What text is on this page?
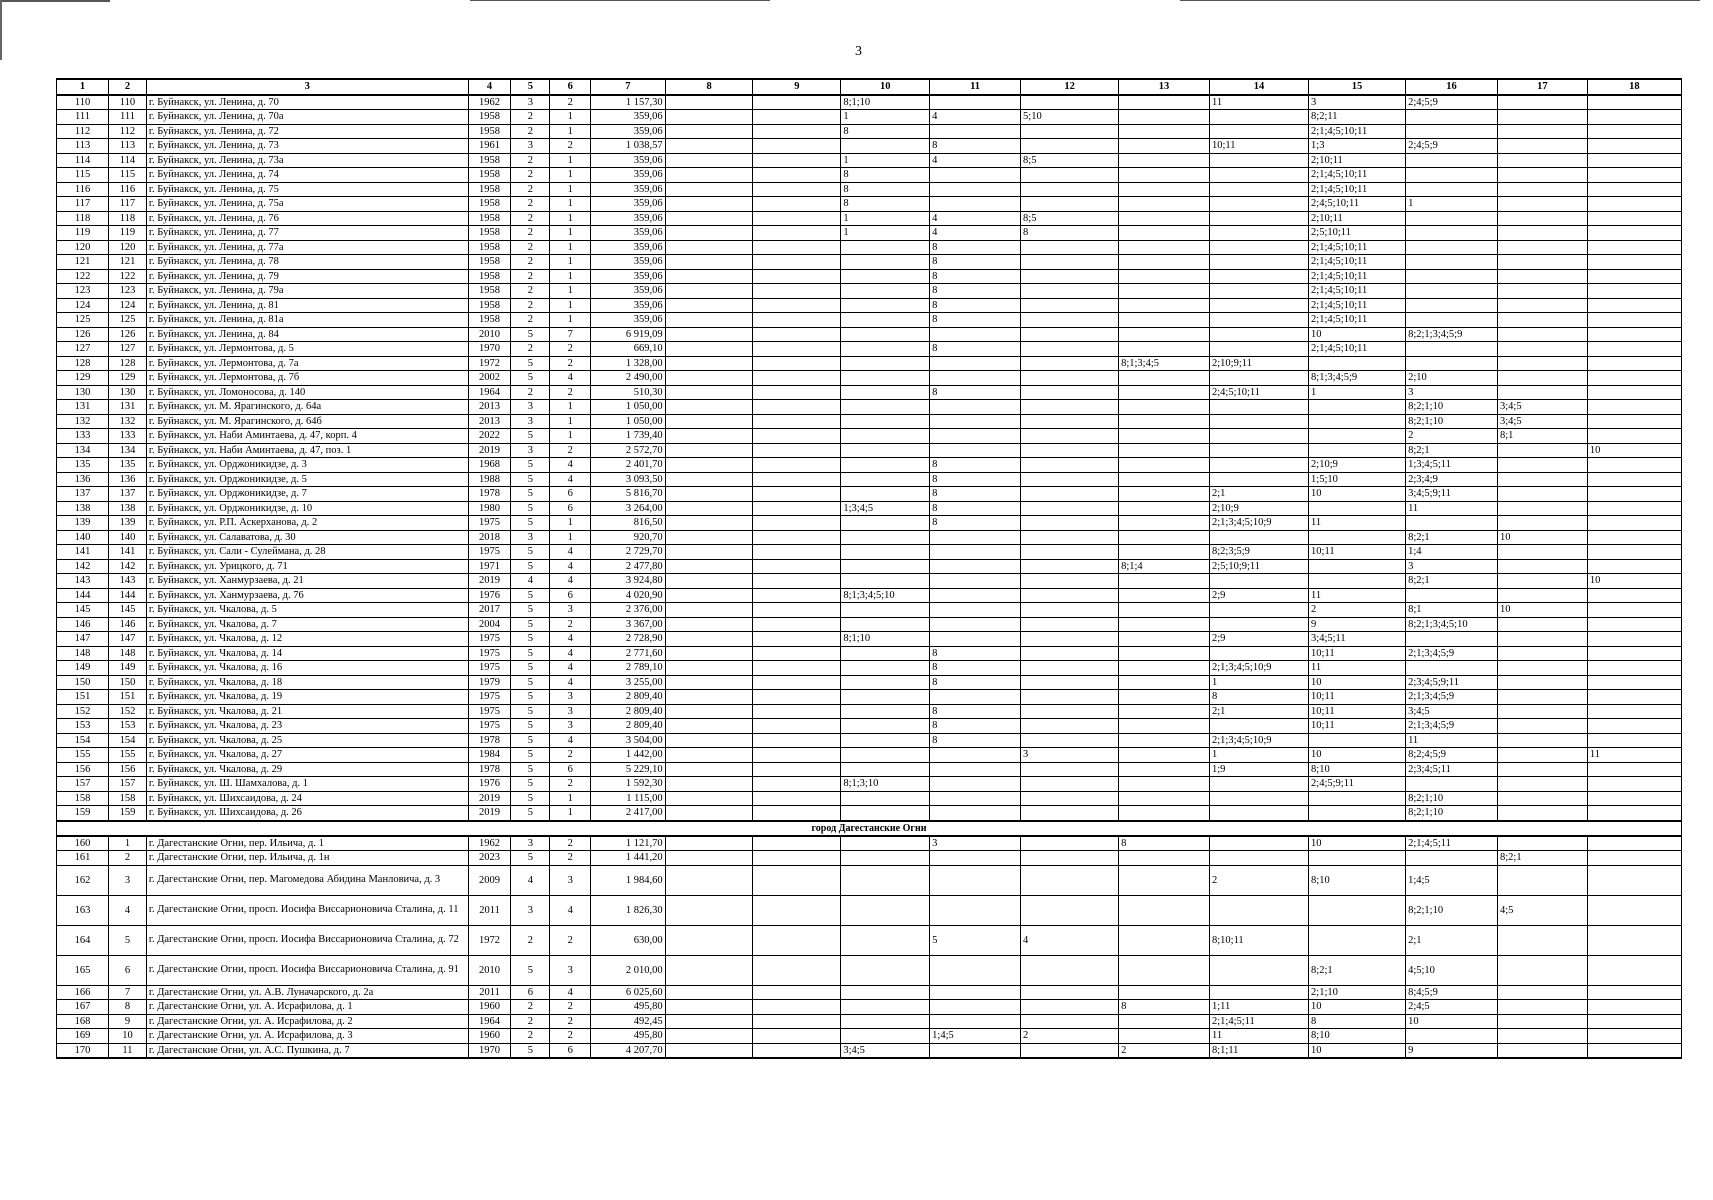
3
1	2	3	4	5	6	7	8	9	10	11	12	13	14	15	16	17	18
110	110	г. Буйнакск, ул. Ленина, д. 70	1962	3	2	1 157,30			8;1;10				11	3	2;4;5;9		
111	111	г. Буйнакск, ул. Ленина, д. 70а	1958	2	1	359,06			1	4	5;10			8;2;11			
112	112	г. Буйнакск, ул. Ленина, д. 72	1958	2	1	359,06			8					2;1;4;5;10;11			
113	113	г. Буйнакск, ул. Ленина, д. 73	1961	3	2	1 038,57				8			10;11	1;3	2;4;5;9		
114	114	г. Буйнакск, ул. Ленина, д. 73а	1958	2	1	359,06			1	4	8;5			2;10;11			
115	115	г. Буйнакск, ул. Ленина, д. 74	1958	2	1	359,06			8					2;1;4;5;10;11			
116	116	г. Буйнакск, ул. Ленина, д. 75	1958	2	1	359,06			8					2;1;4;5;10;11			
117	117	г. Буйнакск, ул. Ленина, д. 75а	1958	2	1	359,06			8					2;4;5;10;11	1		
118	118	г. Буйнакск, ул. Ленина, д. 76	1958	2	1	359,06			1	4	8;5			2;10;11			
119	119	г. Буйнакск, ул. Ленина, д. 77	1958	2	1	359,06			1	4	8			2;5;10;11			
120	120	г. Буйнакск, ул. Ленина, д. 77а	1958	2	1	359,06				8				2;1;4;5;10;11			
121	121	г. Буйнакск, ул. Ленина, д. 78	1958	2	1	359,06				8				2;1;4;5;10;11			
122	122	г. Буйнакск, ул. Ленина, д. 79	1958	2	1	359,06				8				2;1;4;5;10;11			
123	123	г. Буйнакск, ул. Ленина, д. 79а	1958	2	1	359,06				8				2;1;4;5;10;11			
124	124	г. Буйнакск, ул. Ленина, д. 81	1958	2	1	359,06				8				2;1;4;5;10;11			
125	125	г. Буйнакск, ул. Ленина, д. 81а	1958	2	1	359,06				8				2;1;4;5;10;11			
126	126	г. Буйнакск, ул. Ленина, д. 84	2010	5	7	6 919,09								10	8;2;1;3;4;5;9		
127	127	г. Буйнакск, ул. Лермонтова, д. 5	1970	2	2	669,10				8				2;1;4;5;10;11			
128	128	г. Буйнакск, ул. Лермонтова, д. 7а	1972	5	2	1 328,00						8;1;3;4;5	2;10;9;11				
129	129	г. Буйнакск, ул. Лермонтова, д. 7б	2002	5	4	2 490,00								8;1;3;4;5;9	2;10		
130	130	г. Буйнакск, ул. Ломоносова, д. 140	1964	2	2	510,30				8			2;4;5;10;11	1	3		
131	131	г. Буйнакск, ул. М. Ярагинского, д. 64а	2013	3	1	1 050,00									8;2;1;10	3;4;5	
132	132	г. Буйнакск, ул. М. Ярагинского, д. 64б	2013	3	1	1 050,00									8;2;1;10	3;4;5	
133	133	г. Буйнакск, ул. Наби Аминтаева, д. 47, корп. 4	2022	5	1	1 739,40									2	8;1	
134	134	г. Буйнакск, ул. Наби Аминтаева, д. 47, поз. 1	2019	3	2	2 572,70									8;2;1		10
135	135	г. Буйнакск, ул. Орджоникидзе, д. 3	1968	5	4	2 401,70				8				2;10;9	1;3;4;5;11		
136	136	г. Буйнакск, ул. Орджоникидзе, д. 5	1988	5	4	3 093,50				8				1;5;10	2;3;4;9		
137	137	г. Буйнакск, ул. Орджоникидзе, д. 7	1978	5	6	5 816,70				8			2;1	10	3;4;5;9;11		
138	138	г. Буйнакск, ул. Орджоникидзе, д. 10	1980	5	6	3 264,00			1;3;4;5	8			2;10;9		11		
139	139	г. Буйнакск, ул. Р.П. Аскерханова, д. 2	1975	5	1	816,50				8			2;1;3;4;5;10;9	11			
140	140	г. Буйнакск, ул. Салаватова, д. 30	2018	3	1	920,70									8;2;1	10	
141	141	г. Буйнакск, ул. Сали - Сулейманa, д. 28	1975	5	4	2 729,70							8;2;3;5;9	10;11	1;4		
142	142	г. Буйнакск, ул. Урицкого, д. 71	1971	5	4	2 477,80						8;1;4	2;5;10;9;11		3		
143	143	г. Буйнакск, ул. Ханмурзаева, д. 21	2019	4	4	3 924,80									8;2;1		10
144	144	г. Буйнакск, ул. Ханмурзаева, д. 76	1976	5	6	4 020,90			8;1;3;4;5;10				2;9	11			
145	145	г. Буйнакск, ул. Чкалова, д. 5	2017	5	3	2 376,00								2	8;1	10	
146	146	г. Буйнакск, ул. Чкалова, д. 7	2004	5	2	3 367,00								9	8;2;1;3;4;5;10		
147	147	г. Буйнакск, ул. Чкалова, д. 12	1975	5	4	2 728,90			8;1;10				2;9	3;4;5;11			
148	148	г. Буйнакск, ул. Чкалова, д. 14	1975	5	4	2 771,60				8				10;11	2;1;3;4;5;9		
149	149	г. Буйнакск, ул. Чкалова, д. 16	1975	5	4	2 789,10				8			2;1;3;4;5;10;9	11			
150	150	г. Буйнакск, ул. Чкалова, д. 18	1979	5	4	3 255,00				8			1	10	2;3;4;5;9;11		
151	151	г. Буйнакск, ул. Чкалова, д. 19	1975	5	3	2 809,40							8	10;11	2;1;3;4;5;9		
152	152	г. Буйнакск, ул. Чкалова, д. 21	1975	5	3	2 809,40				8			2;1	10;11	3;4;5		
153	153	г. Буйнакск, ул. Чкалова, д. 23	1975	5	3	2 809,40				8				10;11	2;1;3;4;5;9		
154	154	г. Буйнакск, ул. Чкалова, д. 25	1978	5	4	3 504,00				8			2;1;3;4;5;10;9		11		
155	155	г. Буйнакск, ул. Чкалова, д. 27	1984	5	2	1 442,00					3		1	10	8;2;4;5;9		11
156	156	г. Буйнакск, ул. Чкалова, д. 29	1978	5	6	5 229,10							1;9	8;10	2;3;4;5;11		
157	157	г. Буйнакск, ул. Ш. Шамхалова, д. 1	1976	5	2	1 592,30			8;1;3;10					2;4;5;9;11			
158	158	г. Буйнакск, ул. Шихсаидова, д. 24	2019	5	1	1 115,00									8;2;1;10		
159	159	г. Буйнакск, ул. Шихсаидова, д. 26	2019	5	1	2 417,00									8;2;1;10		
город Дагестанские Огни																	
160	1	г. Дагестанские Огни, пер. Ильича, д. 1	1962	3	2	1 121,70				3		8		10	2;1;4;5;11		
161	2	г. Дагестанские Огни, пер. Ильича, д. 1н	2023	5	2	1 441,20										8;2;1	
162	3	г. Дагестанские Огни, пер. Магомедова Абидина Манловича, д. 3	2009	4	3	1 984,60							2	8;10	1;4;5		
163	4	г. Дагестанские Огни, просп. Иосифа Виссарионовича Сталина, д. 11	2011	3	4	1 826,30									8;2;1;10	4;5	
164	5	г. Дагестанские Огни, просп. Иосифа Виссарионовича Сталина, д. 72	1972	2	2	630,00				5	4		8;10;11		2;1		
165	6	г. Дагестанские Огни, просп. Иосифа Виссарионовича Сталина, д. 91	2010	5	3	2 010,00								8;2;1	4;5;10		
166	7	г. Дагестанские Огни, ул. А.В. Луначарского, д. 2а	2011	6	4	6 025,60								2;1;10	8;4;5;9		
167	8	г. Дагестанские Огни, ул. А. Исрафилова, д. 1	1960	2	2	495,80						8	1;11	10	2;4;5		
168	9	г. Дагестанские Огни, ул. А. Исрафилова, д. 2	1964	2	2	492,45							2;1;4;5;11	8	10		
169	10	г. Дагестанские Огни, ул. А. Исрафилова, д. 3	1960	2	2	495,80				1;4;5	2		11	8;10			
170	11	г. Дагестанские Огни, ул. А.С. Пушкина, д. 7	1970	5	6	4 207,70			3;4;5			2	8;1;11	10	9		
